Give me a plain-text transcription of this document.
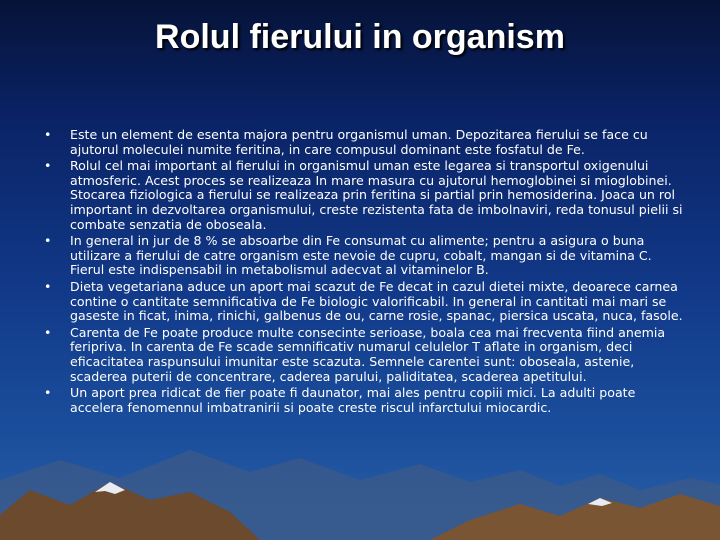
Rolul fierului in organism
•	Este un element de esenta majora pentru organismul uman. Depozitarea fierului se face cu ajutorul moleculei numite feritina, in care compusul dominant este fosfatul de Fe.
•	Rolul cel mai important al fierului in organismul uman este legarea si transportul oxigenului atmosferic. Acest proces se realizeaza In mare masura cu ajutorul hemoglobinei si mioglobinei. Stocarea fiziologica a fierului se realizeaza prin feritina si partial prin hemosiderina. Joaca un rol important in dezvoltarea organismului, creste rezistenta fata de imbolnaviri, reda tonusul pielii si combate senzatia de oboseala.
•	In general in jur de 8 % se absoarbe din Fe consumat cu alimente; pentru a asigura o buna utilizare a fierului de catre organism este nevoie de cupru, cobalt, mangan si de vitamina C. Fierul este indispensabil in metabolismul adecvat al vitaminelor B.
•	Dieta vegetariana aduce un aport mai scazut de Fe decat in cazul dietei mixte, deoarece carnea contine o cantitate semnificativa de Fe biologic valorificabil. In general in cantitati mai mari se gaseste in ficat, inima, rinichi, galbenus de ou, carne rosie, spanac, piersica uscata, nuca, fasole.
•	Carenta de Fe poate produce multe consecinte serioase, boala cea mai frecventa fiind anemia feriprivа. In carenta de Fe scade semnificativ numarul celulelor T aflate in organism, deci eficacitatea raspunsului imunitar este scazuta. Semnele carentei sunt: oboseala, astenie, scaderea puterii de concentrare, caderea parului, paliditatea, scaderea apetitului.
•	Un aport prea ridicat de fier poate fi daunator, mai ales pentru copiii mici. La adulti poate accelera fenomennul imbatranirii si poate creste riscul infarctului miocardic.
